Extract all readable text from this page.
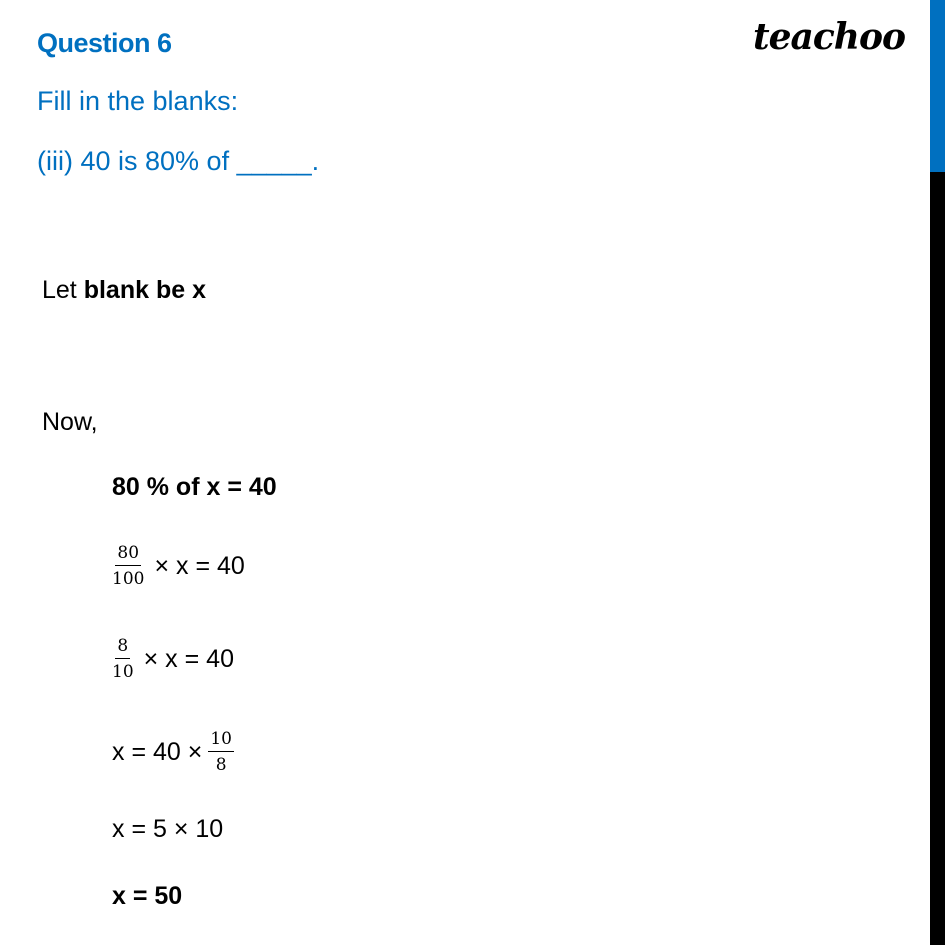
Question 6	teachoo
Fill in the blanks:
(iii) 40 is 80% of _____.
Let blank be x
Now,
80 % of x = 40
$\frac{80}{100} \times x = 40$
$\frac{8}{10} \times x = 40$
$x = 40 \times \frac{10}{8}$
x = 5 × 10
x = 50
